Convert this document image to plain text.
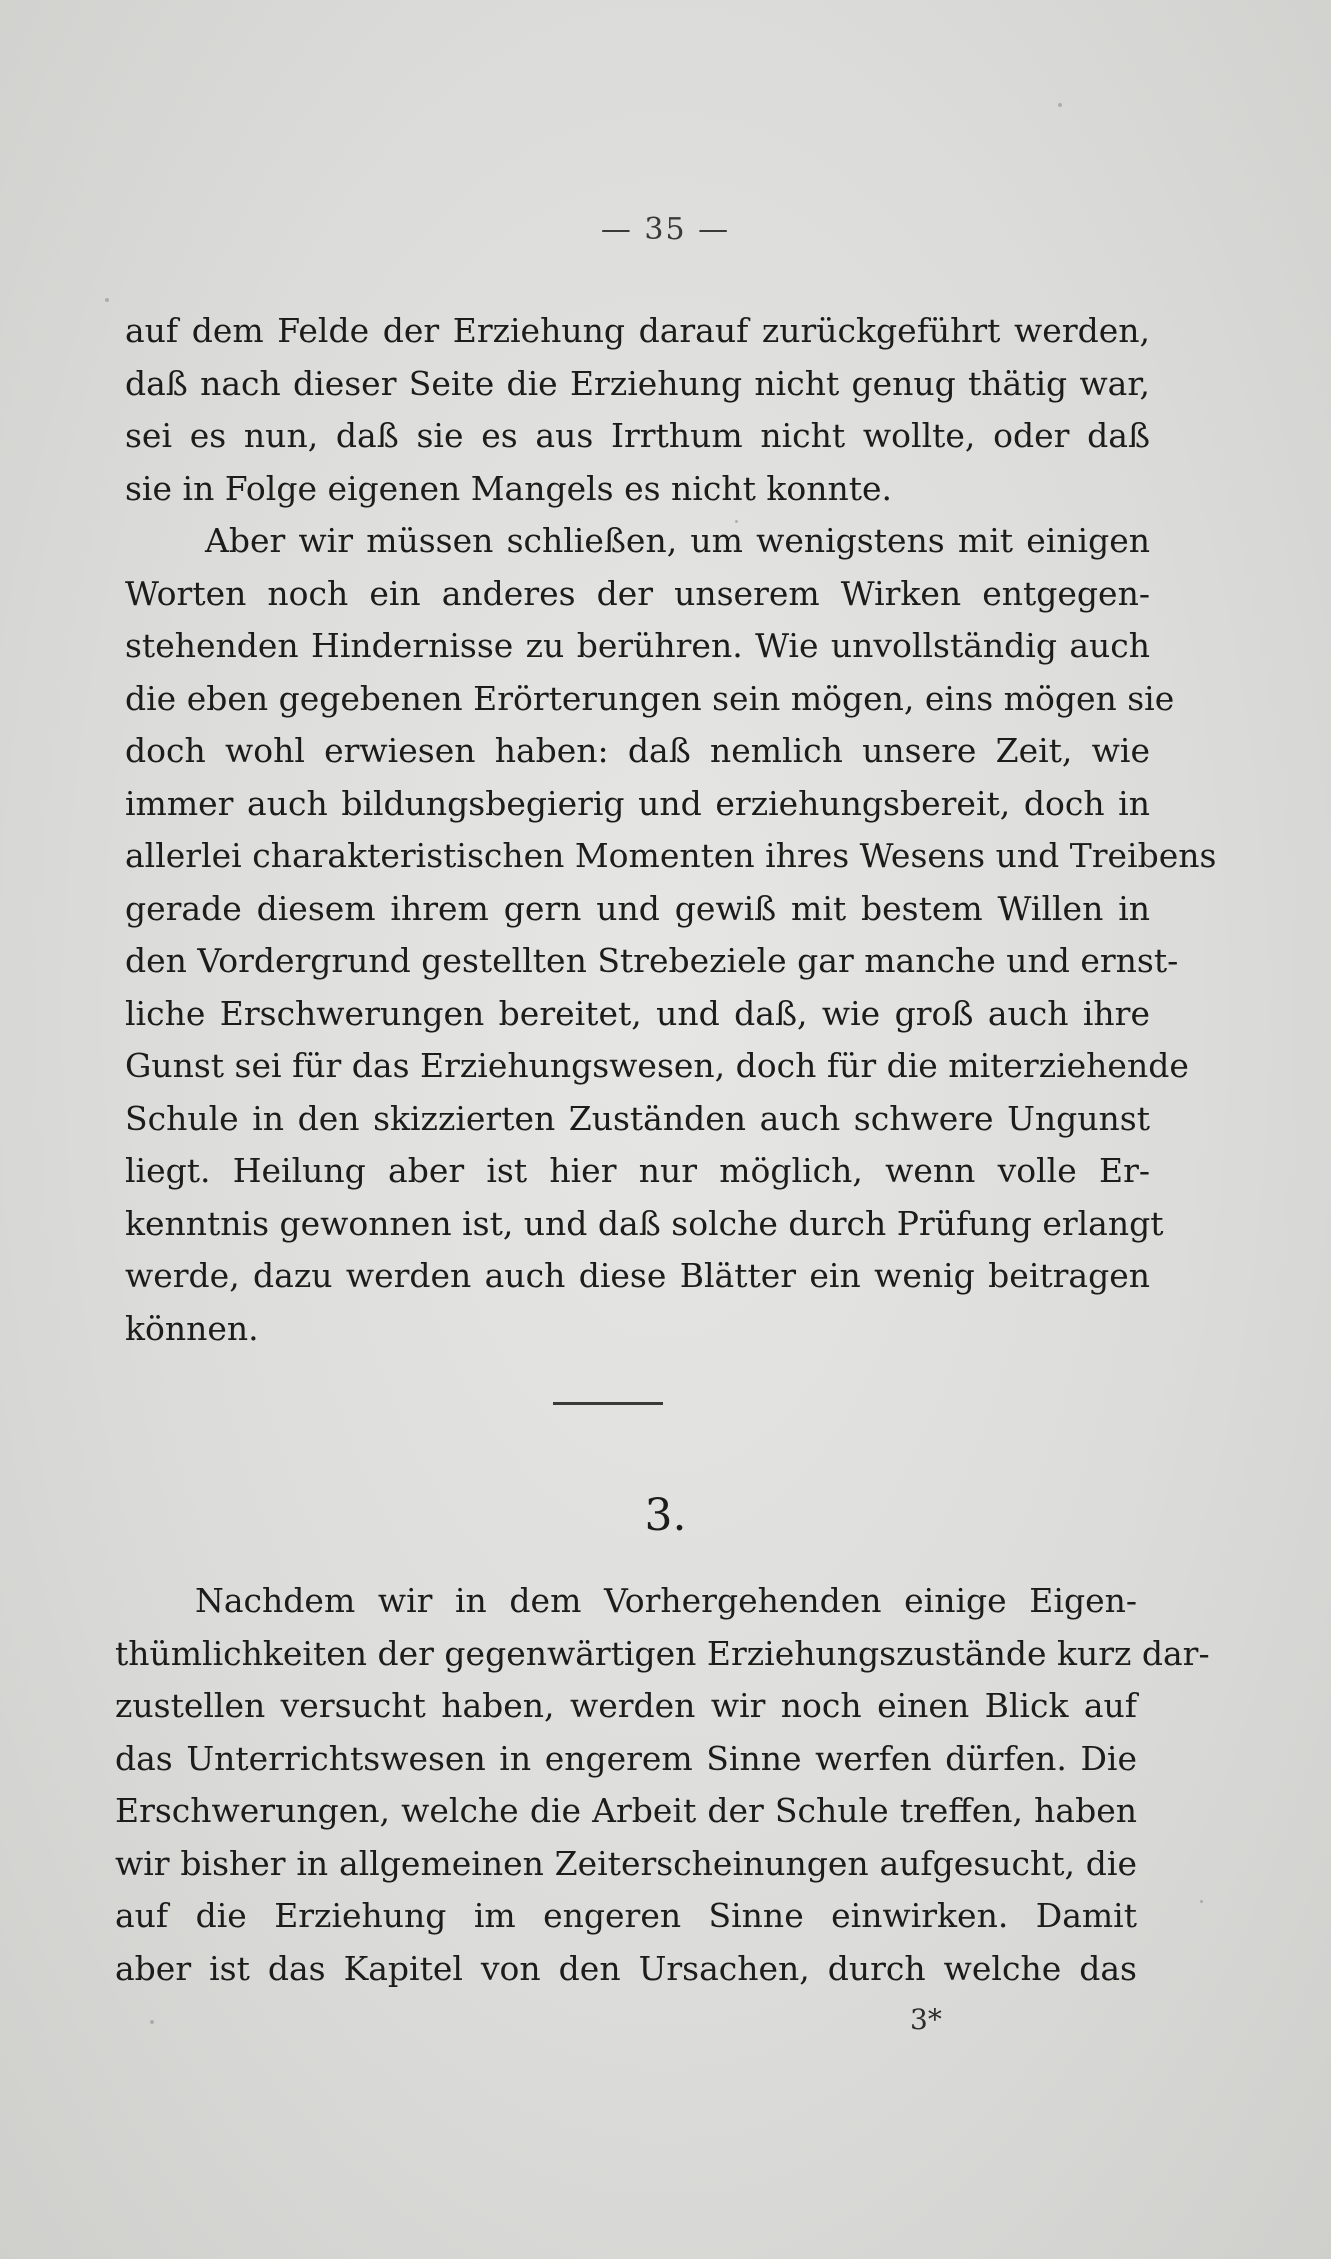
— 35 —
auf dem Felde der Erziehung darauf zurückgeführt werden,
daß nach dieser Seite die Erziehung nicht genug thätig war,
sei es nun, daß sie es aus Irrthum nicht wollte, oder daß
sie in Folge eigenen Mangels es nicht konnte.
Aber wir müssen schließen, um wenigstens mit einigen
Worten noch ein anderes der unserem Wirken entgegen-
stehenden Hindernisse zu berühren. Wie unvollständig auch
die eben gegebenen Erörterungen sein mögen, eins mögen sie
doch wohl erwiesen haben: daß nemlich unsere Zeit, wie
immer auch bildungsbegierig und erziehungsbereit, doch in
allerlei charakteristischen Momenten ihres Wesens und Treibens
gerade diesem ihrem gern und gewiß mit bestem Willen in
den Vordergrund gestellten Strebeziele gar manche und ernst-
liche Erschwerungen bereitet, und daß, wie groß auch ihre
Gunst sei für das Erziehungswesen, doch für die miterziehende
Schule in den skizzierten Zuständen auch schwere Ungunst
liegt. Heilung aber ist hier nur möglich, wenn volle Er-
kenntnis gewonnen ist, und daß solche durch Prüfung erlangt
werde, dazu werden auch diese Blätter ein wenig beitragen
können.
3.
Nachdem wir in dem Vorhergehenden einige Eigen-
thümlichkeiten der gegenwärtigen Erziehungszustände kurz dar-
zustellen versucht haben, werden wir noch einen Blick auf
das Unterrichtswesen in engerem Sinne werfen dürfen. Die
Erschwerungen, welche die Arbeit der Schule treffen, haben
wir bisher in allgemeinen Zeiterscheinungen aufgesucht, die
auf die Erziehung im engeren Sinne einwirken. Damit
aber ist das Kapitel von den Ursachen, durch welche das
3*
